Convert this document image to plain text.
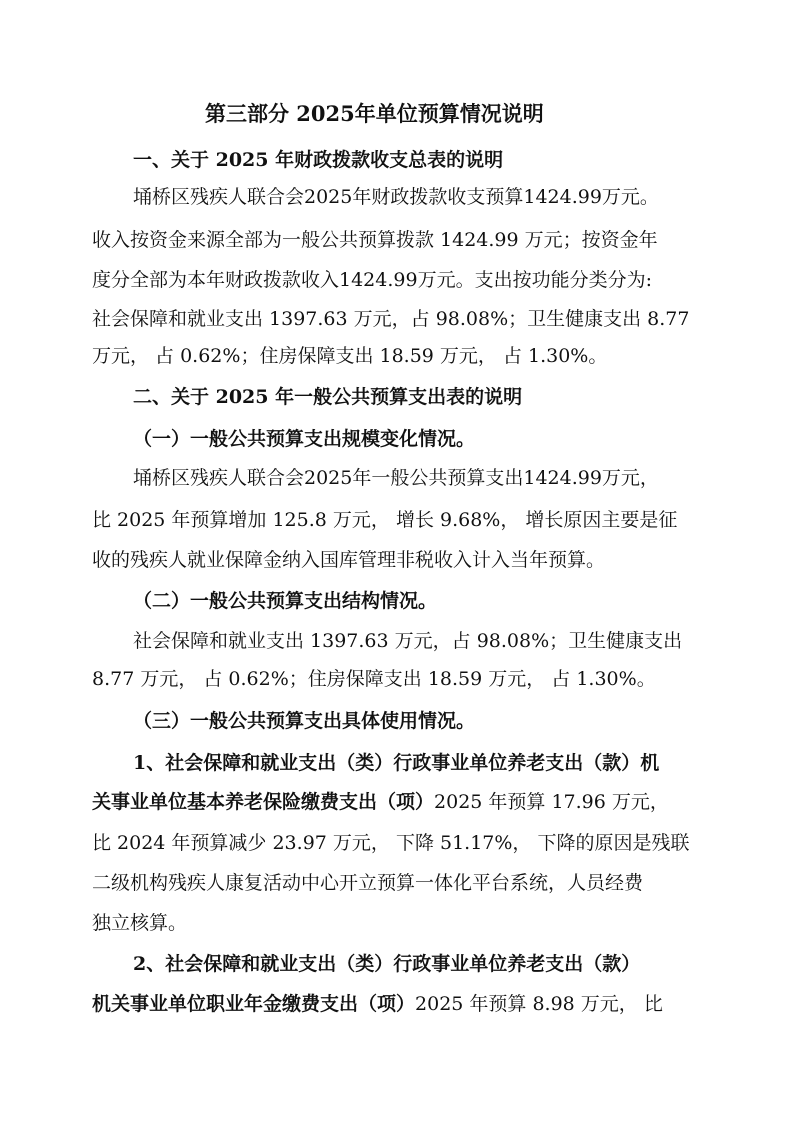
第三部分 2025年单位预算情况说明
一、关于 2025 年财政拨款收支总表的说明
埇桥区残疾人联合会2025年财政拨款收支预算1424.99万元。
收入按资金来源全部为一般公共预算拨款 1424.99 万元；按资金年
度分全部为本年财政拨款收入1424.99万元。支出按功能分类分为:
社会保障和就业支出 1397.63 万元，占 98.08%；卫生健康支出 8.77
万元， 占 0.62%；住房保障支出 18.59 万元， 占 1.30%。
二、关于 2025 年一般公共预算支出表的说明
（一）一般公共预算支出规模变化情况。
埇桥区残疾人联合会2025年一般公共预算支出1424.99万元，
比 2025 年预算增加 125.8 万元， 增长 9.68%， 增长原因主要是征
收的残疾人就业保障金纳入国库管理非税收入计入当年预算。
（二）一般公共预算支出结构情况。
社会保障和就业支出 1397.63 万元，占 98.08%；卫生健康支出
8.77 万元， 占 0.62%；住房保障支出 18.59 万元， 占 1.30%。
（三）一般公共预算支出具体使用情况。
1、社会保障和就业支出（类）行政事业单位养老支出（款）机
关事业单位基本养老保险缴费支出（项）2025 年预算 17.96 万元，
比 2024 年预算减少 23.97 万元， 下降 51.17%， 下降的原因是残联
二级机构残疾人康复活动中心开立预算一体化平台系统，人员经费
独立核算。
2、社会保障和就业支出（类）行政事业单位养老支出（款）
机关事业单位职业年金缴费支出（项）2025 年预算 8.98 万元， 比
